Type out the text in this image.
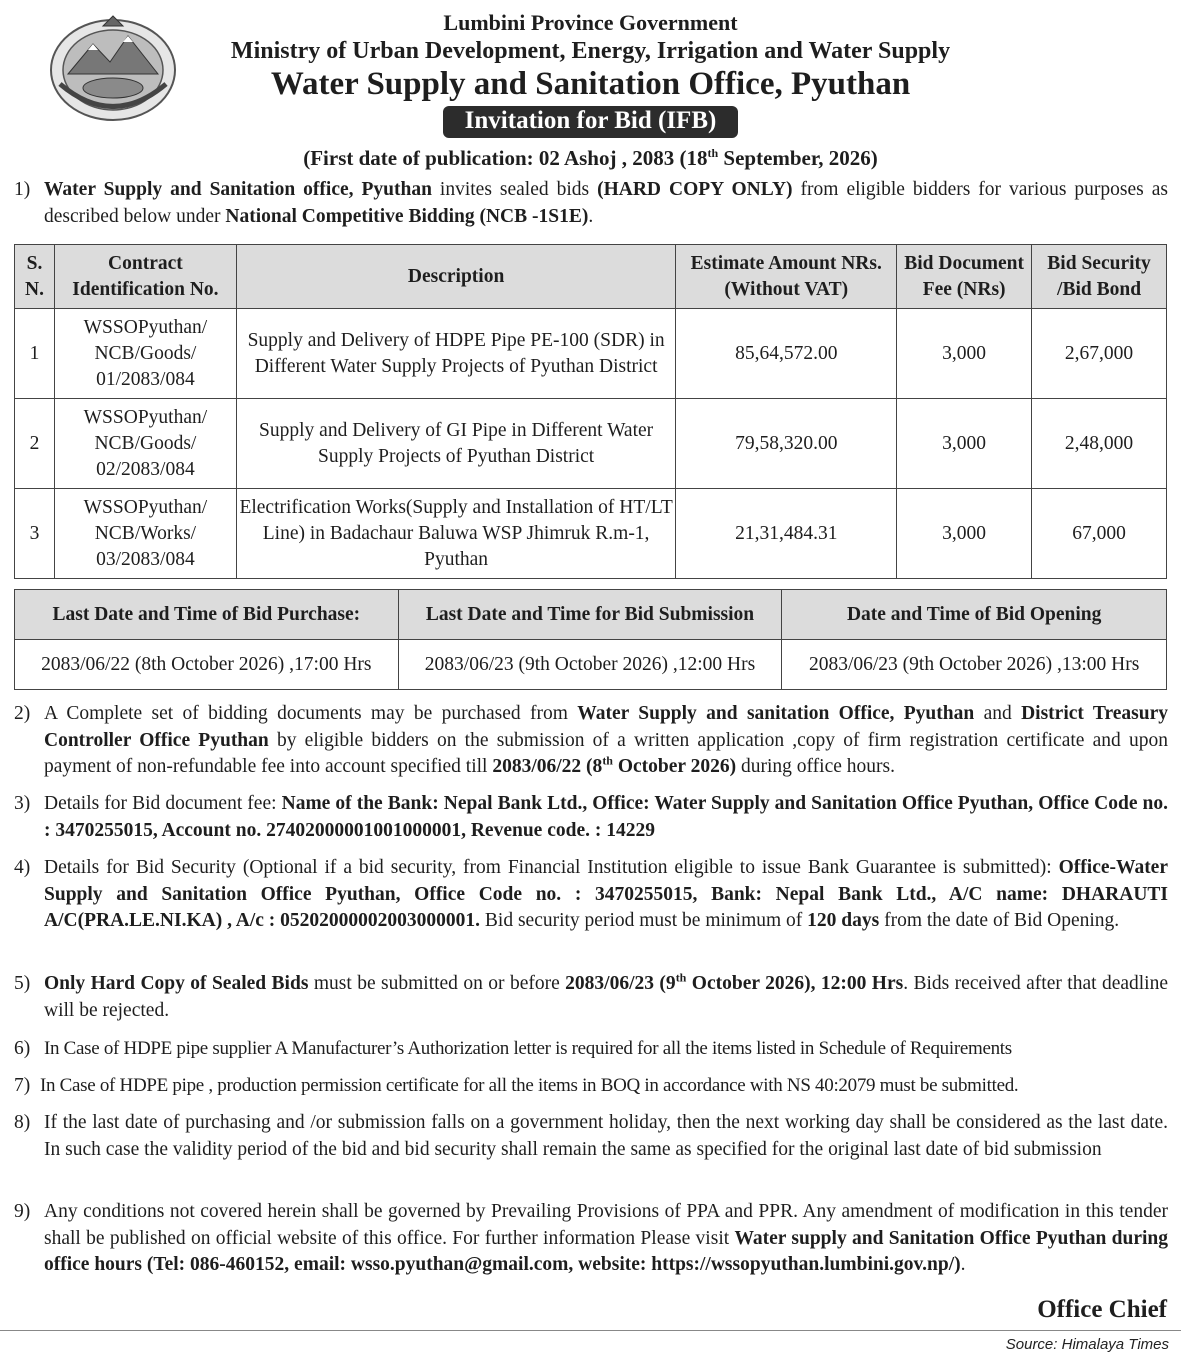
Lumbini Province Government
Ministry of Urban Development, Energy, Irrigation and Water Supply
Water Supply and Sanitation Office, Pyuthan
Invitation for Bid (IFB)
(First date of publication: 02 Ashoj , 2083 (18th September, 2026)
1) Water Supply and Sanitation office, Pyuthan invites sealed bids (HARD COPY ONLY) from eligible bidders for various purposes as described below under National Competitive Bidding (NCB -1S1E).
S. N.	Contract Identification No.	Description	Estimate Amount NRs. (Without VAT)	Bid Document Fee (NRs)	Bid Security /Bid Bond
1	WSSOPyuthan/ NCB/Goods/ 01/2083/084	Supply and Delivery of HDPE Pipe PE-100 (SDR) in Different Water Supply Projects of Pyuthan District	85,64,572.00	3,000	2,67,000
2	WSSOPyuthan/ NCB/Goods/ 02/2083/084	Supply and Delivery of GI Pipe in Different Water Supply Projects of Pyuthan District	79,58,320.00	3,000	2,48,000
3	WSSOPyuthan/ NCB/Works/ 03/2083/084	Electrification Works(Supply and Installation of HT/LT Line) in Badachaur Baluwa WSP Jhimruk R.m-1, Pyuthan	21,31,484.31	3,000	67,000
Last Date and Time of Bid Purchase:	Last Date and Time for Bid Submission	Date and Time of Bid Opening
2083/06/22 (8th October 2026) ,17:00 Hrs	2083/06/23 (9th October 2026) ,12:00 Hrs	2083/06/23 (9th October 2026) ,13:00 Hrs
2) A Complete set of bidding documents may be purchased from Water Supply and sanitation Office, Pyuthan and District Treasury Controller Office Pyuthan by eligible bidders on the submission of a written application ,copy of firm registration certificate and upon payment of non-refundable fee into account specified till 2083/06/22 (8th October 2026) during office hours.
3) Details for Bid document fee: Name of the Bank: Nepal Bank Ltd., Office: Water Supply and Sanitation Office Pyuthan, Office Code no. : 3470255015, Account no. 27402000001001000001, Revenue code. : 14229
4) Details for Bid Security (Optional if a bid security, from Financial Institution eligible to issue Bank Guarantee is submitted): Office-Water Supply and Sanitation Office Pyuthan, Office Code no. : 3470255015, Bank: Nepal Bank Ltd., A/C name: DHARAUTI A/C(PRA.LE.NI.KA) , A/c : 05202000002003000001. Bid security period must be minimum of 120 days from the date of Bid Opening.
5) Only Hard Copy of Sealed Bids must be submitted on or before 2083/06/23 (9th October 2026), 12:00 Hrs. Bids received after that deadline will be rejected.
6) In Case of HDPE pipe supplier A Manufacturer’s Authorization letter is required for all the items listed in Schedule of Requirements
7) In Case of HDPE pipe , production permission certificate for all the items in BOQ in accordance with NS 40:2079 must be submitted.
8) If the last date of purchasing and /or submission falls on a government holiday, then the next working day shall be considered as the last date. In such case the validity period of the bid and bid security shall remain the same as specified for the original last date of bid submission
9) Any conditions not covered herein shall be governed by Prevailing Provisions of PPA and PPR. Any amendment of modification in this tender shall be published on official website of this office. For further information Please visit Water supply and Sanitation Office Pyuthan during office hours (Tel: 086-460152, email: wsso.pyuthan@gmail.com, website: https://wssopyuthan.lumbini.gov.np/).
Office Chief
Source: Himalaya Times
